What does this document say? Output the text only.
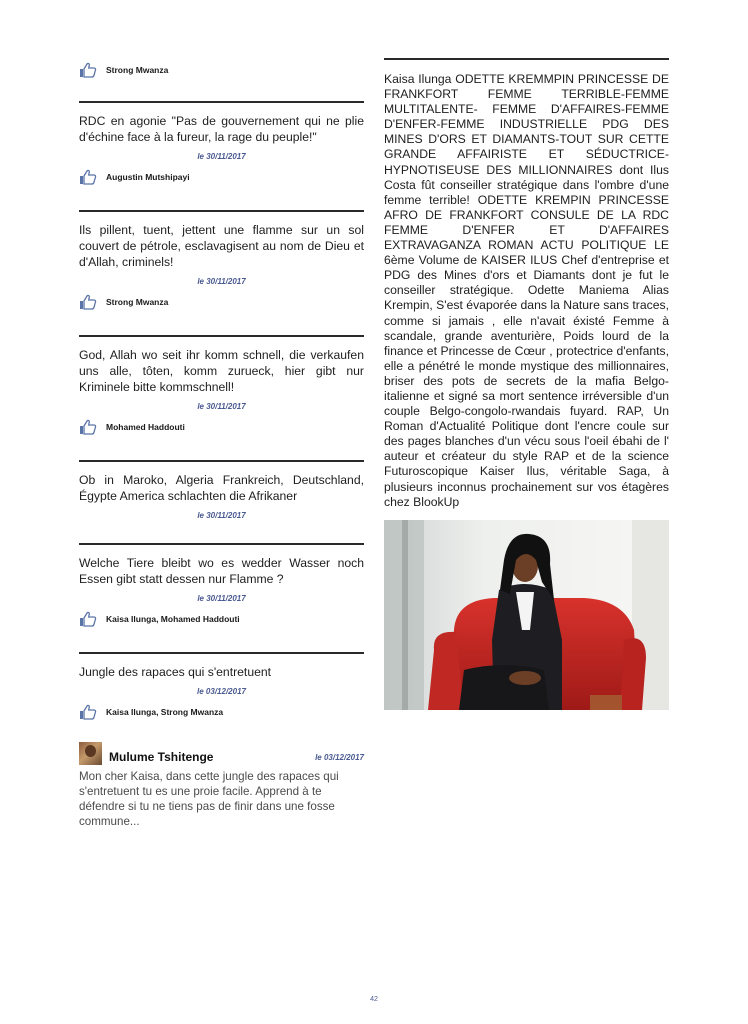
Strong Mwanza

RDC en agonie "Pas de gouvernement qui ne plie d'échine face à la fureur, la rage du peuple!"

le 30/11/2017
Augustin Mutshipayi

Ils pillent, tuent, jettent une flamme sur un sol couvert de pétrole, esclavagisent au nom de Dieu et d'Allah, criminels!

le 30/11/2017
Strong Mwanza

God, Allah wo seit ihr komm schnell, die verkaufen uns alle, tôten, komm zurueck, hier gibt nur Kriminele bitte kommschnell!

le 30/11/2017
Mohamed Haddouti

Ob in Maroko, Algeria Frankreich, Deutschland, Égypte America schlachten die Afrikaner

le 30/11/2017

Welche Tiere bleibt wo es wedder Wasser noch Essen gibt statt dessen nur Flamme ?

le 30/11/2017
Kaisa Ilunga, Mohamed Haddouti

Jungle des rapaces qui s'entretuent

le 03/12/2017
Kaisa Ilunga, Strong Mwanza
Mulume Tshitenge	le 03/12/2017

Mon cher Kaisa, dans cette jungle des rapaces qui s'entretuent tu es une proie facile. Apprend à te défendre si tu ne tiens pas de finir dans une fosse commune...

Kaisa Ilunga ODETTE KREMMPIN PRINCESSE DE FRANKFORT FEMME TERRIBLE-FEMME MULTITALENTE- FEMME D'AFFAIRES-FEMME D'ENFER-FEMME INDUSTRIELLE PDG DES MINES D'ORS ET DIAMANTS-TOUT SUR CETTE GRANDE AFFAIRISTE ET SÉDUCTRICE-HYPNOTISEUSE DES MILLIONNAIRES dont Ilus Costa fût conseiller stratégique dans l'ombre d'une femme terrible! ODETTE KREMPIN PRINCESSE AFRO DE FRANKFORT CONSULE DE LA RDC FEMME D'ENFER ET D'AFFAIRES EXTRAVAGANZA ROMAN ACTU POLITIQUE LE 6ème Volume de KAISER ILUS Chef d'entreprise et PDG des Mines d'ors et Diamants dont je fut le conseiller stratégique. Odette Maniema Alias Krempin, S'est évaporée dans la Nature sans traces, comme si jamais , elle n'avait éxisté Femme à scandale, grande aventurière, Poids lourd de la finance et Princesse de Cœur , protectrice d'enfants, elle a pénétré le monde mystique des millionnaires, briser des pots de secrets de la mafia Belgo-italienne et signé sa mort sentence irréversible d'un couple Belgo-congolo-rwandais fuyard. RAP, Un Roman d'Actualité Politique dont l'encre coule sur des pages blanches d'un vécu sous l'oeil ébahi de l' auteur et créateur du style RAP et de la science Futuroscopique Kaiser Ilus, véritable Saga, à plusieurs inconnus prochainement sur vos étagères chez BlookUp

42
